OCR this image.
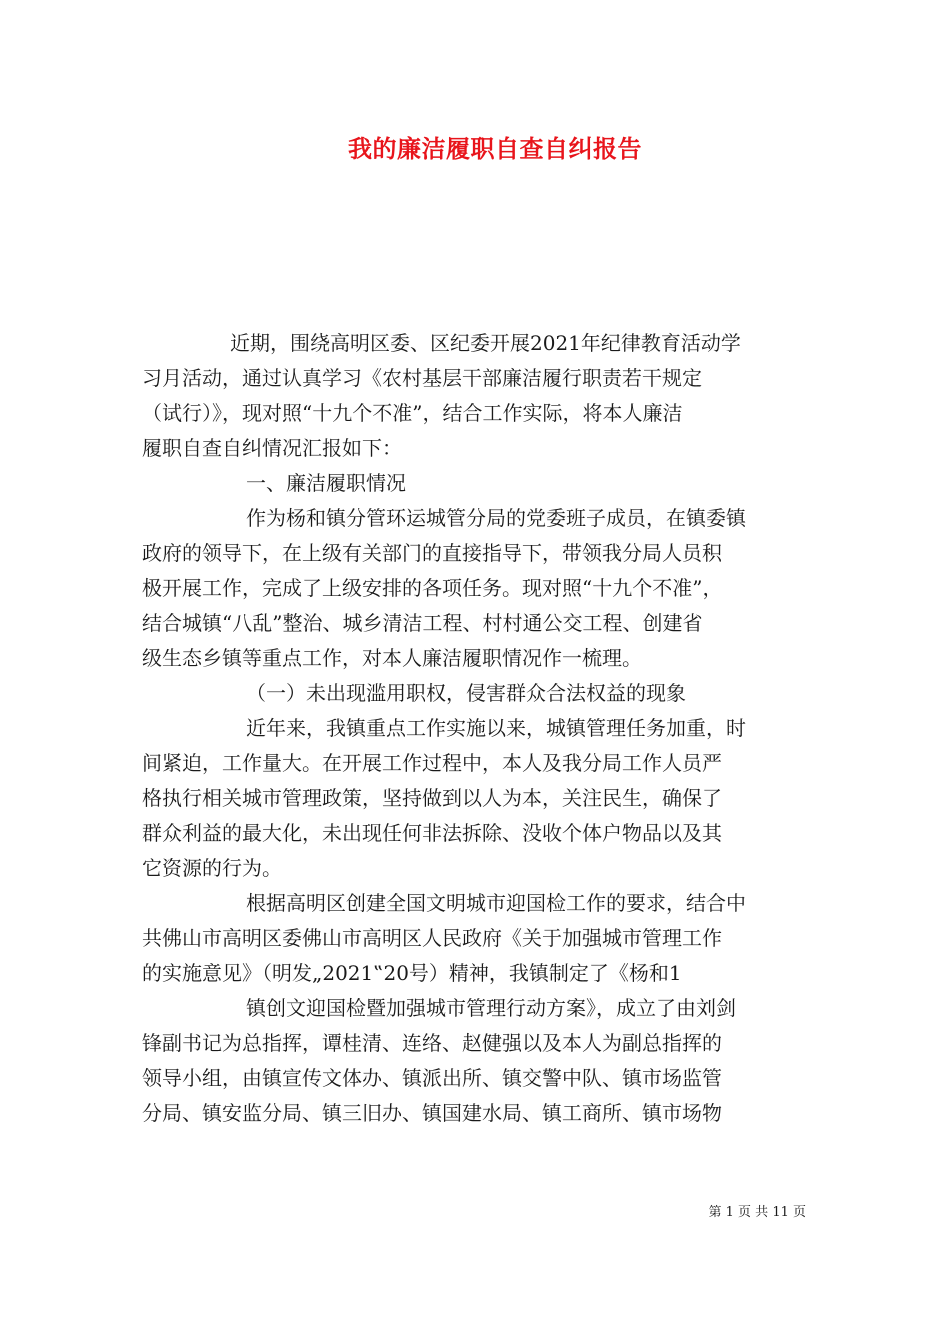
我的廉洁履职自查自纠报告
近期，围绕高明区委、区纪委开展2021年纪律教育活动学
习月活动，通过认真学习《农村基层干部廉洁履行职责若干规定
（试行）》，现对照“十九个不准”，结合工作实际，将本人廉洁
履职自查自纠情况汇报如下：
一、廉洁履职情况
作为杨和镇分管环运城管分局的党委班子成员，在镇委镇
政府的领导下，在上级有关部门的直接指导下，带领我分局人员积
极开展工作，完成了上级安排的各项任务。现对照“十九个不准”，
结合城镇“八乱”整治、城乡清洁工程、村村通公交工程、创建省
级生态乡镇等重点工作，对本人廉洁履职情况作一梳理。
（一）未出现滥用职权，侵害群众合法权益的现象
近年来，我镇重点工作实施以来，城镇管理任务加重，时
间紧迫，工作量大。在开展工作过程中，本人及我分局工作人员严
格执行相关城市管理政策，坚持做到以人为本，关注民生，确保了
群众利益的最大化，未出现任何非法拆除、没收个体户物品以及其
它资源的行为。
根据高明区创建全国文明城市迎国检工作的要求，结合中
共佛山市高明区委佛山市高明区人民政府《关于加强城市管理工作
的实施意见》（明发„2021‟20号）精神，我镇制定了《杨和1
镇创文迎国检暨加强城市管理行动方案》，成立了由刘剑
锋副书记为总指挥，谭桂清、连络、赵健强以及本人为副总指挥的
领导小组，由镇宣传文体办、镇派出所、镇交警中队、镇市场监管
分局、镇安监分局、镇三旧办、镇国建水局、镇工商所、镇市场物
第 1 页 共 11 页
